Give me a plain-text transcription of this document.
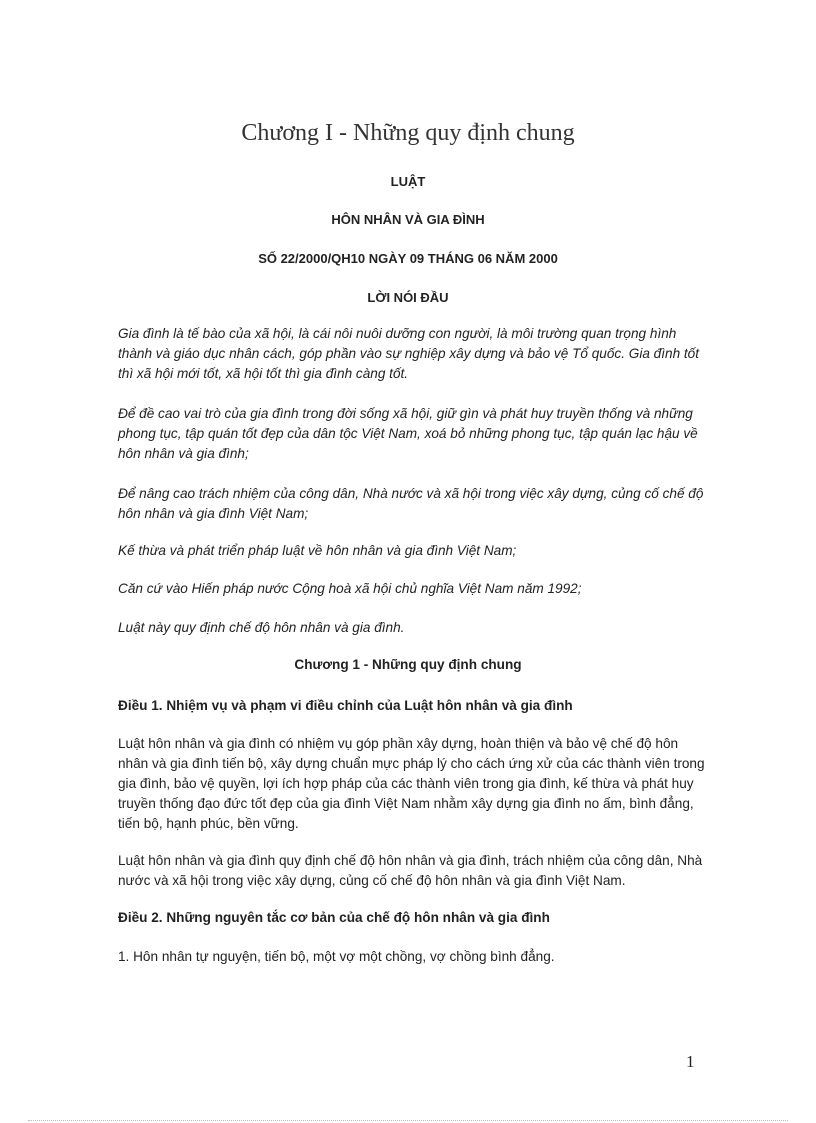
Chương I - Những quy định chung
LUẬT
HÔN NHÂN VÀ GIA ĐÌNH
SỐ 22/2000/QH10 NGÀY 09 THÁNG 06 NĂM 2000
LỜI NÓI ĐẦU
Gia đình là tế bào của xã hội, là cái nôi nuôi dưỡng con người, là môi trường quan trọng hình thành và giáo dục nhân cách, góp phần vào sự nghiệp xây dựng và bảo vệ Tổ quốc. Gia đình tốt thì xã hội mới tốt, xã hội tốt thì gia đình càng tốt.
Để đề cao vai trò của gia đình trong đời sống xã hội, giữ gìn và phát huy truyền thống và những phong tục, tập quán tốt đẹp của dân tộc Việt Nam, xoá bỏ những phong tục, tập quán lạc hậu về hôn nhân và gia đình;
Để nâng cao trách nhiệm của công dân, Nhà nước và xã hội trong việc xây dựng, củng cố chế độ hôn nhân và gia đình Việt Nam;
Kế thừa và phát triển pháp luật về hôn nhân và gia đình Việt Nam;
Căn cứ vào Hiến pháp nước Cộng hoà xã hội chủ nghĩa Việt Nam năm 1992;
Luật này quy định chế độ hôn nhân và gia đình.
Chương 1 - Những quy định chung
Điều 1. Nhiệm vụ và phạm vi điều chỉnh của Luật hôn nhân và gia đình
Luật hôn nhân và gia đình có nhiệm vụ góp phần xây dựng, hoàn thiện và bảo vệ chế độ hôn nhân và gia đình tiến bộ, xây dựng chuẩn mực pháp lý cho cách ứng xử của các thành viên trong gia đình, bảo vệ quyền, lợi ích hợp pháp của các thành viên trong gia đình, kế thừa và phát huy truyền thống đạo đức tốt đẹp của gia đình Việt Nam nhằm xây dựng gia đình no ấm, bình đẳng, tiến bộ, hạnh phúc, bền vững.
Luật hôn nhân và gia đình quy định chế độ hôn nhân và gia đình, trách nhiệm của công dân, Nhà nước và xã hội trong việc xây dựng, củng cố chế độ hôn nhân và gia đình Việt Nam.
Điều 2. Những nguyên tắc cơ bản của chế độ hôn nhân và gia đình
1. Hôn nhân tự nguyện, tiến bộ, một vợ một chồng, vợ chồng bình đẳng.
1
